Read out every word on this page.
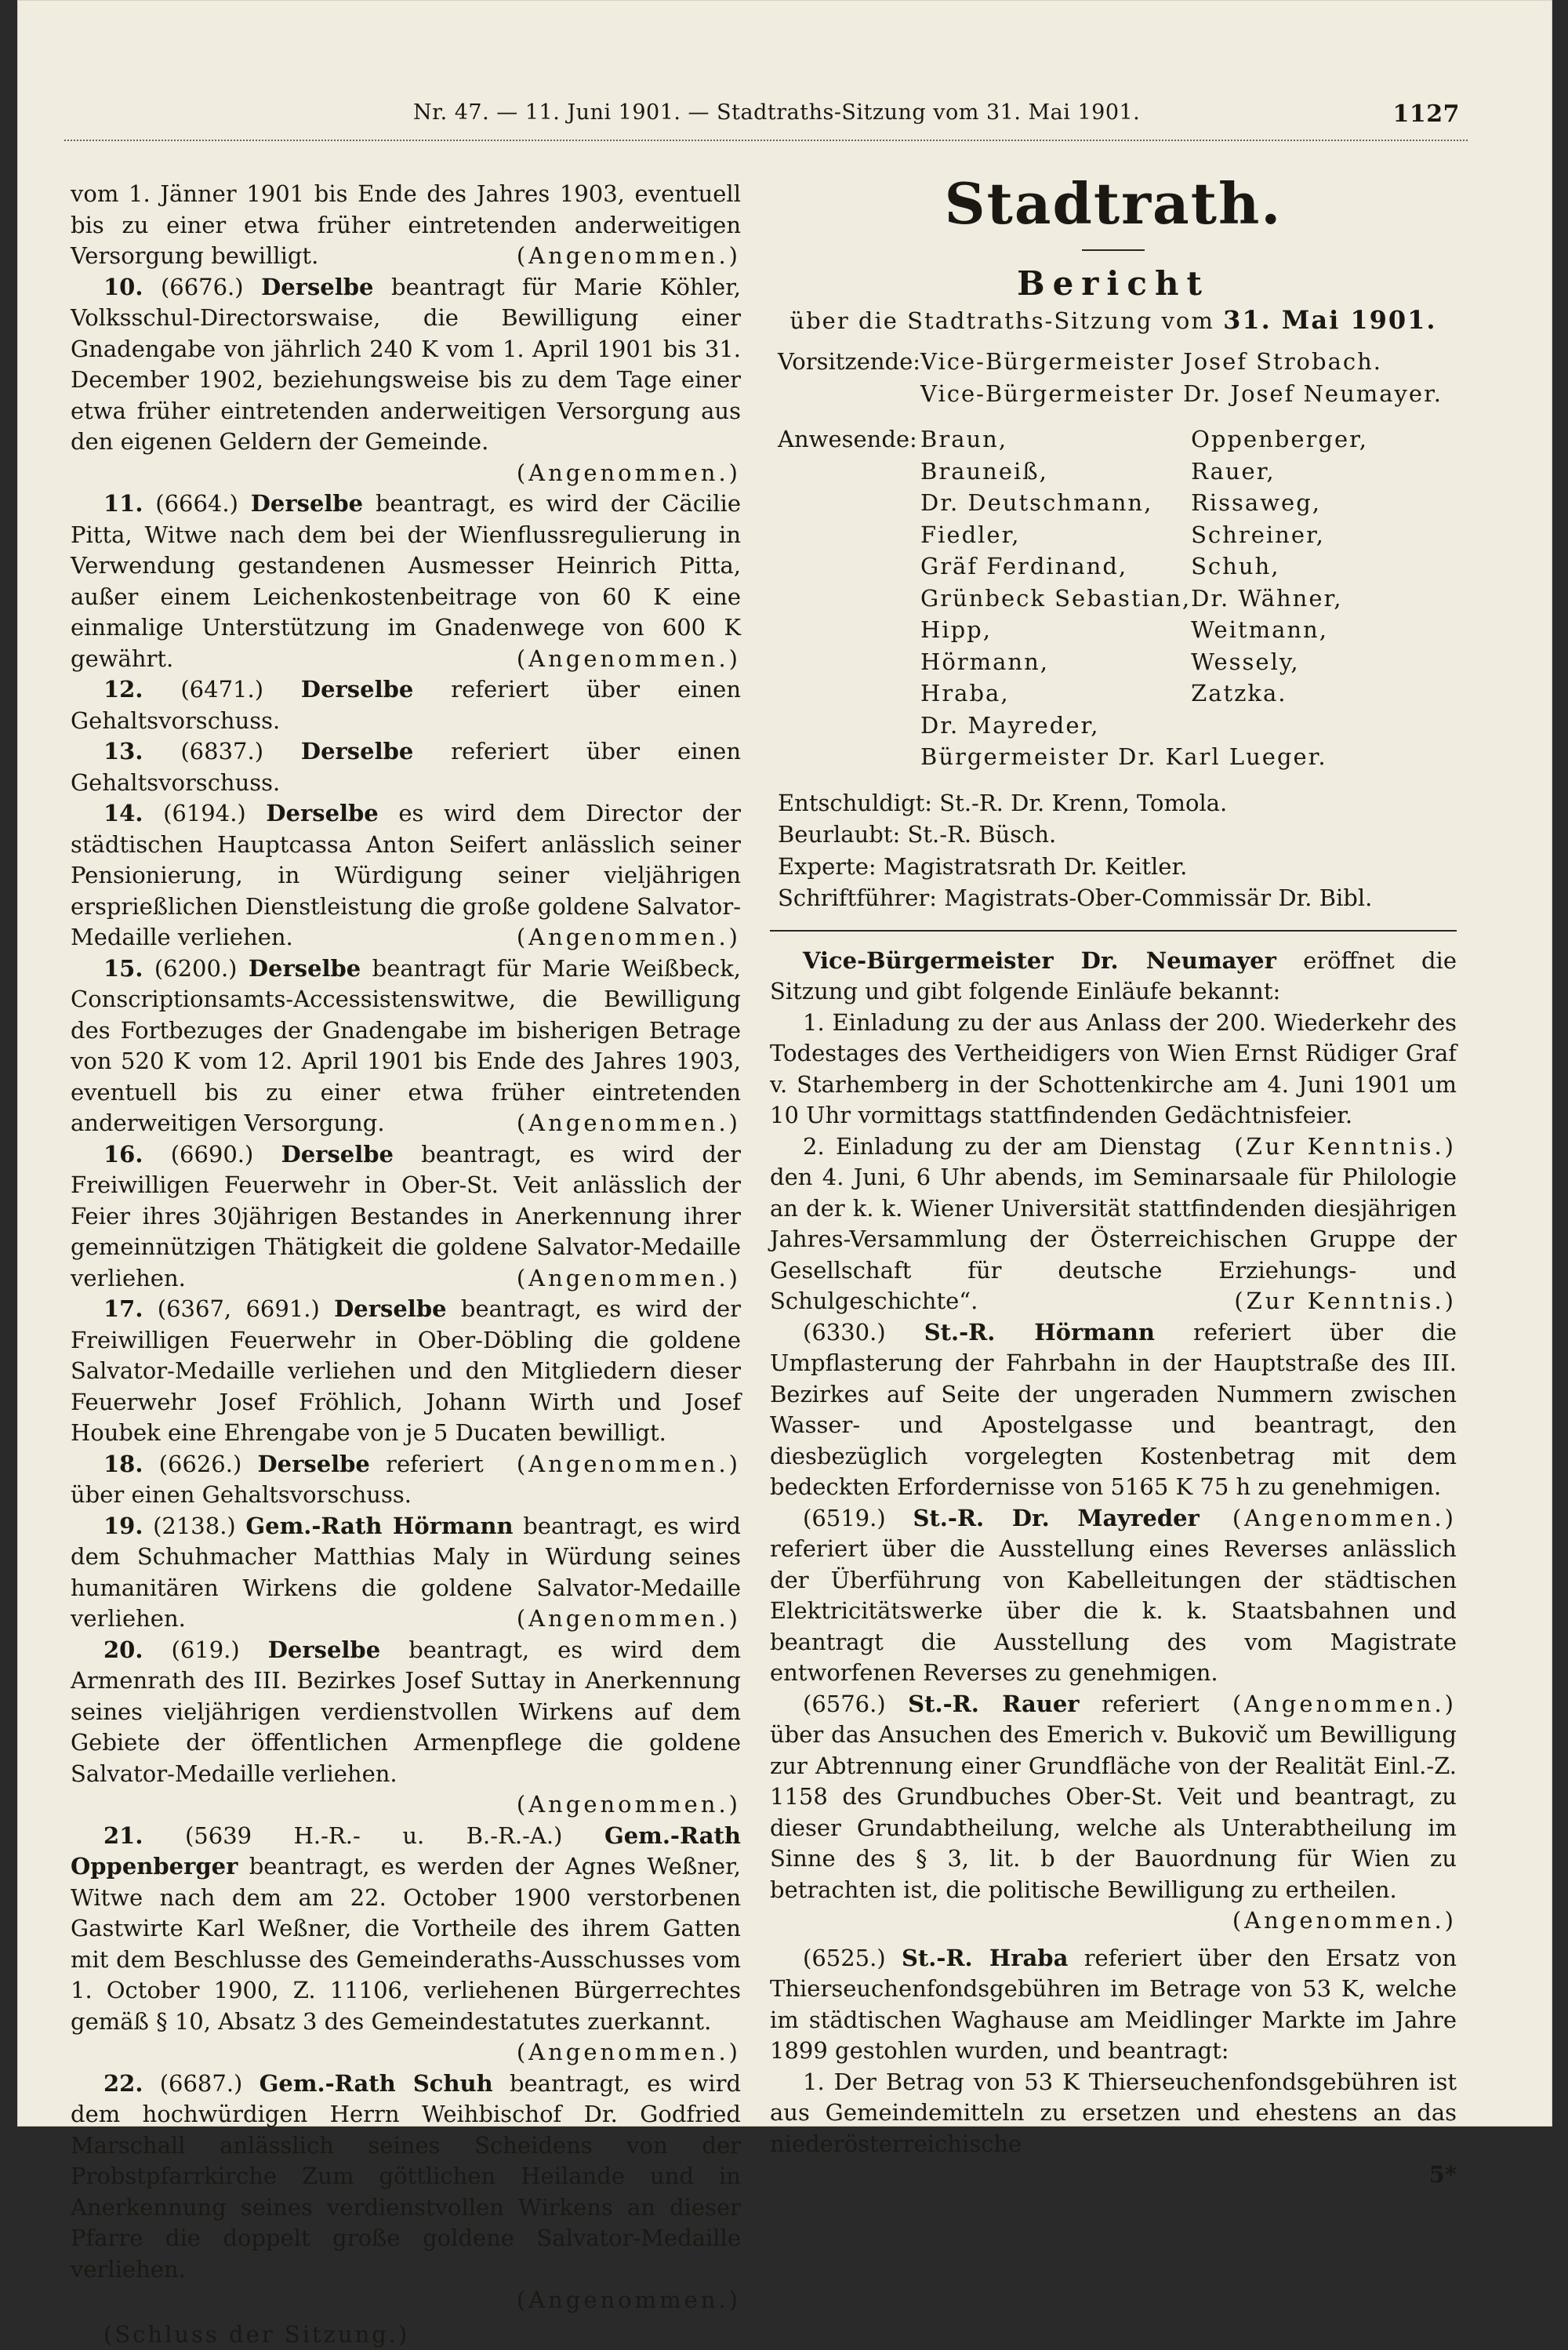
Nr. 47. — 11. Juni 1901. — Stadtraths-Sitzung vom 31. Mai 1901.	1127

vom 1. Jänner 1901 bis Ende des Jahres 1903, eventuell bis zu einer etwa früher eintretenden anderweitigen Versorgung bewilligt.	(Angenommen.)

10. (6676.) Derselbe beantragt für Marie Köhler, Volksschul-Directorswaise, die Bewilligung einer Gnadengabe von jährlich 240 K vom 1. April 1901 bis 31. December 1902, beziehungsweise bis zu dem Tage einer etwa früher eintretenden anderweitigen Versorgung aus den eigenen Geldern der Gemeinde.
(Angenommen.)

11. (6664.) Derselbe beantragt, es wird der Cäcilie Pitta, Witwe nach dem bei der Wienflussregulierung in Verwendung gestandenen Ausmesser Heinrich Pitta, außer einem Leichenkostenbeitrage von 60 K eine einmalige Unterstützung im Gnadenwege von 600 K gewährt.	(Angenommen.)

12. (6471.) Derselbe referiert über einen Gehaltsvorschuss.

13. (6837.) Derselbe referiert über einen Gehaltsvorschuss.

14. (6194.) Derselbe es wird dem Director der städtischen Hauptcassa Anton Seifert anlässlich seiner Pensionierung, in Würdigung seiner vieljährigen ersprießlichen Dienstleistung die große goldene Salvator-Medaille verliehen.	(Angenommen.)

15. (6200.) Derselbe beantragt für Marie Weißbeck, Conscriptionsamts-Accessistenswitwe, die Bewilligung des Fortbezuges der Gnadengabe im bisherigen Betrage von 520 K vom 12. April 1901 bis Ende des Jahres 1903, eventuell bis zu einer etwa früher eintretenden anderweitigen Versorgung.	(Angenommen.)

16. (6690.) Derselbe beantragt, es wird der Freiwilligen Feuerwehr in Ober-St. Veit anlässlich der Feier ihres 30jährigen Bestandes in Anerkennung ihrer gemeinnützigen Thätigkeit die goldene Salvator-Medaille verliehen.	(Angenommen.)

17. (6367, 6691.) Derselbe beantragt, es wird der Freiwilligen Feuerwehr in Ober-Döbling die goldene Salvator-Medaille verliehen und den Mitgliedern dieser Feuerwehr Josef Fröhlich, Johann Wirth und Josef Houbek eine Ehrengabe von je 5 Ducaten bewilligt.
(Angenommen.)

18. (6626.) Derselbe referiert über einen Gehaltsvorschuss.

19. (2138.) Gem.-Rath Hörmann beantragt, es wird dem Schuhmacher Matthias Maly in Würdung seines humanitären Wirkens die goldene Salvator-Medaille verliehen.	(Angenommen.)

20. (619.) Derselbe beantragt, es wird dem Armenrath des III. Bezirkes Josef Suttay in Anerkennung seines vieljährigen verdienstvollen Wirkens auf dem Gebiete der öffentlichen Armenpflege die goldene Salvator-Medaille verliehen.
(Angenommen.)

21. (5639 H.-R.- u. B.-R.-A.) Gem.-Rath Oppenberger beantragt, es werden der Agnes Weßner, Witwe nach dem am 22. October 1900 verstorbenen Gastwirte Karl Weßner, die Vortheile des ihrem Gatten mit dem Beschlusse des Gemeinderaths-Ausschusses vom 1. October 1900, Z. 11106, verliehenen Bürgerrechtes gemäß § 10, Absatz 3 des Gemeindestatutes zuerkannt.
(Angenommen.)

22. (6687.) Gem.-Rath Schuh beantragt, es wird dem hochwürdigen Herrn Weihbischof Dr. Godfried Marschall anlässlich seines Scheidens von der Probstpfarrkirche Zum göttlichen Heilande und in Anerkennung seines verdienstvollen Wirkens an dieser Pfarre die doppelt große goldene Salvator-Medaille verliehen.
(Angenommen.)

(Schluss der Sitzung.)

Stadtrath.
Bericht
über die Stadtraths-Sitzung vom 31. Mai 1901.
Vorsitzende:	Vice-Bürgermeister Josef Strobach.	
	Vice-Bürgermeister Dr. Josef Neumayer.	

Anwesende:	Braun,	Oppenberger,
	Brauneiß,	Rauer,
	Dr. Deutschmann,	Rissaweg,
	Fiedler,	Schreiner,
	Gräf Ferdinand,	Schuh,
	Grünbeck Sebastian,	Dr. Wähner,
	Hipp,	Weitmann,
	Hörmann,	Wessely,
	Hraba,	Zatzka.
	Dr. Mayreder,	
	Bürgermeister Dr. Karl Lueger.	
Entschuldigt: St.-R. Dr. Krenn, Tomola.
Beurlaubt: St.-R. Büsch.
Experte: Magistratsrath Dr. Keitler.
Schriftführer: Magistrats-Ober-Commissär Dr. Bibl.

Vice-Bürgermeister Dr. Neumayer eröffnet die Sitzung und gibt folgende Einläufe bekannt:

1. Einladung zu der aus Anlass der 200. Wiederkehr des Todestages des Vertheidigers von Wien Ernst Rüdiger Graf v. Starhemberg in der Schottenkirche am 4. Juni 1901 um 10 Uhr vormittags stattfindenden Gedächtnisfeier.
(Zur Kenntnis.)

2. Einladung zu der am Dienstag den 4. Juni, 6 Uhr abends, im Seminarsaale für Philologie an der k. k. Wiener Universität stattfindenden diesjährigen Jahres-Versammlung der Österreichischen Gruppe der Gesellschaft für deutsche Erziehungs- und Schulgeschichte“.	(Zur Kenntnis.)

(6330.) St.-R. Hörmann referiert über die Umpflasterung der Fahrbahn in der Hauptstraße des III. Bezirkes auf Seite der ungeraden Nummern zwischen Wasser- und Apostelgasse und beantragt, den diesbezüglich vorgelegten Kostenbetrag mit dem bedeckten Erfordernisse von 5165 K 75 h zu genehmigen.
(Angenommen.)

(6519.) St.-R. Dr. Mayreder referiert über die Ausstellung eines Reverses anlässlich der Überführung von Kabelleitungen der städtischen Elektricitätswerke über die k. k. Staatsbahnen und beantragt die Ausstellung des vom Magistrate entworfenen Reverses zu genehmigen.
(Angenommen.)

(6576.) St.-R. Rauer referiert über das Ansuchen des Emerich v. Bukovič um Bewilligung zur Abtrennung einer Grundfläche von der Realität Einl.-Z. 1158 des Grundbuches Ober-St. Veit und beantragt, zu dieser Grundabtheilung, welche als Unterabtheilung im Sinne des § 3, lit. b der Bauordnung für Wien zu betrachten ist, die politische Bewilligung zu ertheilen.
(Angenommen.)

(6525.) St.-R. Hraba referiert über den Ersatz von Thierseuchenfondsgebühren im Betrage von 53 K, welche im städtischen Waghause am Meidlinger Markte im Jahre 1899 gestohlen wurden, und beantragt:

1. Der Betrag von 53 K Thierseuchenfondsgebühren ist aus Gemeindemitteln zu ersetzen und ehestens an das niederösterreichische

5*
